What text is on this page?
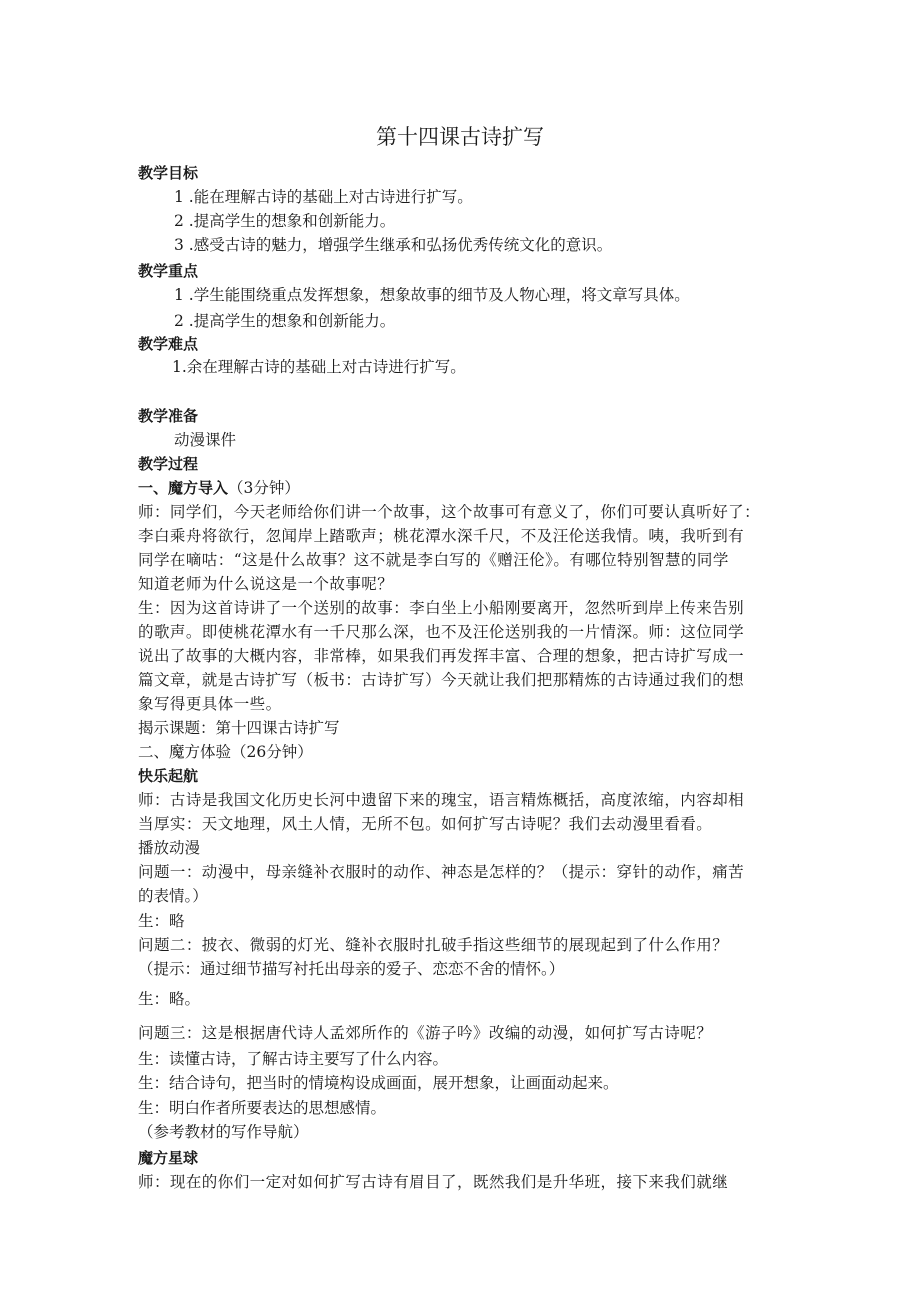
第十四课古诗扩写
教学目标
1 .能在理解古诗的基础上对古诗进行扩写。
2 .提高学生的想象和创新能力。
3 .感受古诗的魅力，增强学生继承和弘扬优秀传统文化的意识。
教学重点
1 .学生能围绕重点发挥想象，想象故事的细节及人物心理，将文章写具体。
2 .提高学生的想象和创新能力。
教学难点
1.余在理解古诗的基础上对古诗进行扩写。
教学准备
动漫课件
教学过程
一、魔方导入（3分钟）
师：同学们，今天老师给你们讲一个故事，这个故事可有意义了，你们可要认真听好了：
李白乘舟将欲行，忽闻岸上踏歌声；桃花潭水深千尺，不及汪伦送我情。咦，我听到有
同学在嘀咕：“这是什么故事？这不就是李白写的《赠汪伦》。有哪位特别智慧的同学
知道老师为什么说这是一个故事呢？
生：因为这首诗讲了一个送别的故事：李白坐上小船刚要离开，忽然听到岸上传来告别
的歌声。即使桃花潭水有一千尺那么深，也不及汪伦送别我的一片情深。师：这位同学
说出了故事的大概内容，非常棒，如果我们再发挥丰富、合理的想象，把古诗扩写成一
篇文章，就是古诗扩写（板书：古诗扩写）今天就让我们把那精炼的古诗通过我们的想
象写得更具体一些。
揭示课题：第十四课古诗扩写
二、魔方体验（26分钟）
快乐起航
师：古诗是我国文化历史长河中遗留下来的瑰宝，语言精炼概括，高度浓缩，内容却相
当厚实：天文地理，风土人情，无所不包。如何扩写古诗呢？我们去动漫里看看。
播放动漫
问题一：动漫中，母亲缝补衣服时的动作、神态是怎样的？（提示：穿针的动作，痛苦
的表情。）
生：略
问题二：披衣、微弱的灯光、缝补衣服时扎破手指这些细节的展现起到了什么作用？
（提示：通过细节描写衬托出母亲的爱子、恋恋不舍的情怀。）
生：略。
问题三：这是根据唐代诗人孟郊所作的《游子吟》改编的动漫，如何扩写古诗呢？
生：读懂古诗，了解古诗主要写了什么内容。
生：结合诗句，把当时的情境构设成画面，展开想象，让画面动起来。
生：明白作者所要表达的思想感情。
（参考教材的写作导航）
魔方星球
师：现在的你们一定对如何扩写古诗有眉目了，既然我们是升华班，接下来我们就继
